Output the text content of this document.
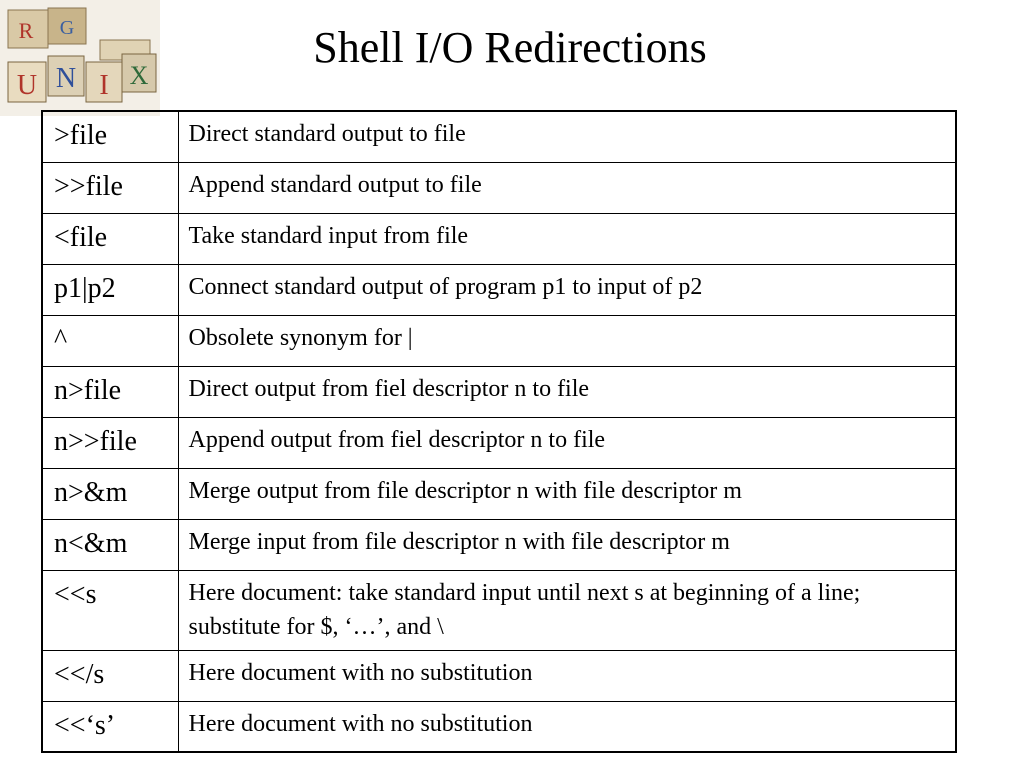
R G
U N I X
Shell I/O Redirections
>file	Direct standard output to file
>>file	Append standard output to file
<file	Take standard input from file
p1|p2	Connect standard output of program p1 to input of p2
^	Obsolete synonym for |
n>file	Direct output from fiel descriptor n to file
n>>file	Append output from fiel descriptor n to file
n>&m	Merge output from file descriptor n with file descriptor m
n<&m	Merge input from file descriptor n with file descriptor m
<<s	Here document: take standard input until next s at beginning of a line; substitute for $, ‘…’, and \
<</s	Here document with no substitution
<<‘s’	Here document with no substitution
